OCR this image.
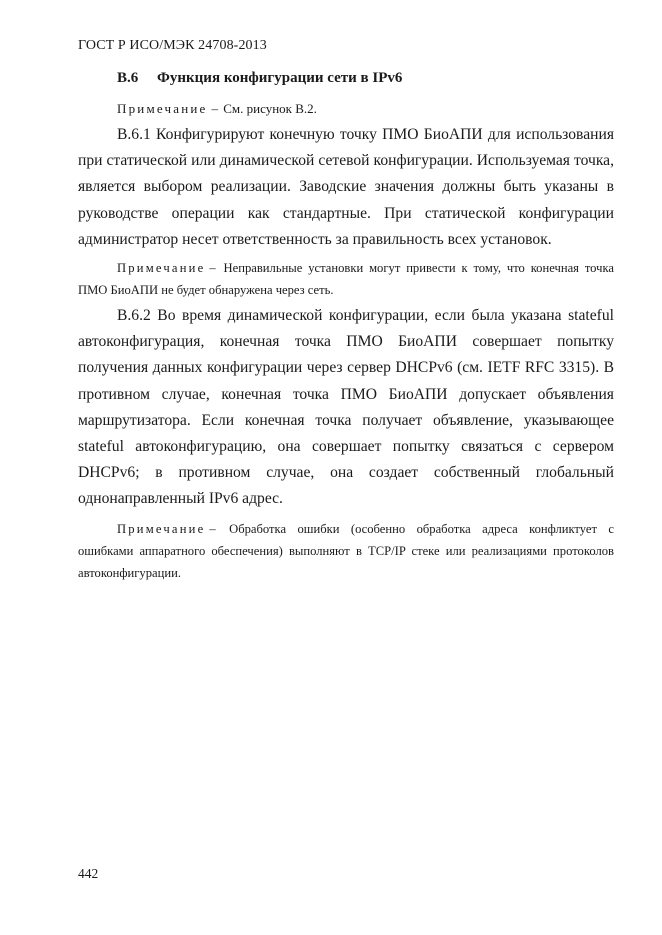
ГОСТ Р ИСО/МЭК 24708-2013
В.6 Функция конфигурации сети в IPv6

Примечание – См. рисунок В.2.

В.6.1 Конфигурируют конечную точку ПМО БиоАПИ для использования при статической или динамической сетевой конфигурации. Используемая точка, является выбором реализации. Заводские значения должны быть указаны в руководстве операции как стандартные. При статической конфигурации администратор несет ответственность за правильность всех установок.

Примечание – Неправильные установки могут привести к тому, что конечная точка ПМО БиоАПИ не будет обнаружена через сеть.

В.6.2 Во время динамической конфигурации, если была указана stateful автоконфигурация, конечная точка ПМО БиоАПИ совершает попытку получения данных конфигурации через сервер DHCPv6 (см. IETF RFC 3315). В противном случае, конечная точка ПМО БиоАПИ допускает объявления маршрутизатора. Если конечная точка получает объявление, указывающее stateful автоконфигурацию, она совершает попытку связаться с сервером DHCPv6; в противном случае, она создает собственный глобальный однонаправленный IPv6 адрес.

Примечание – Обработка ошибки (особенно обработка адреса конфликтует с ошибками аппаратного обеспечения) выполняют в TCP/IP стеке или реализациями протоколов автоконфигурации.

442
